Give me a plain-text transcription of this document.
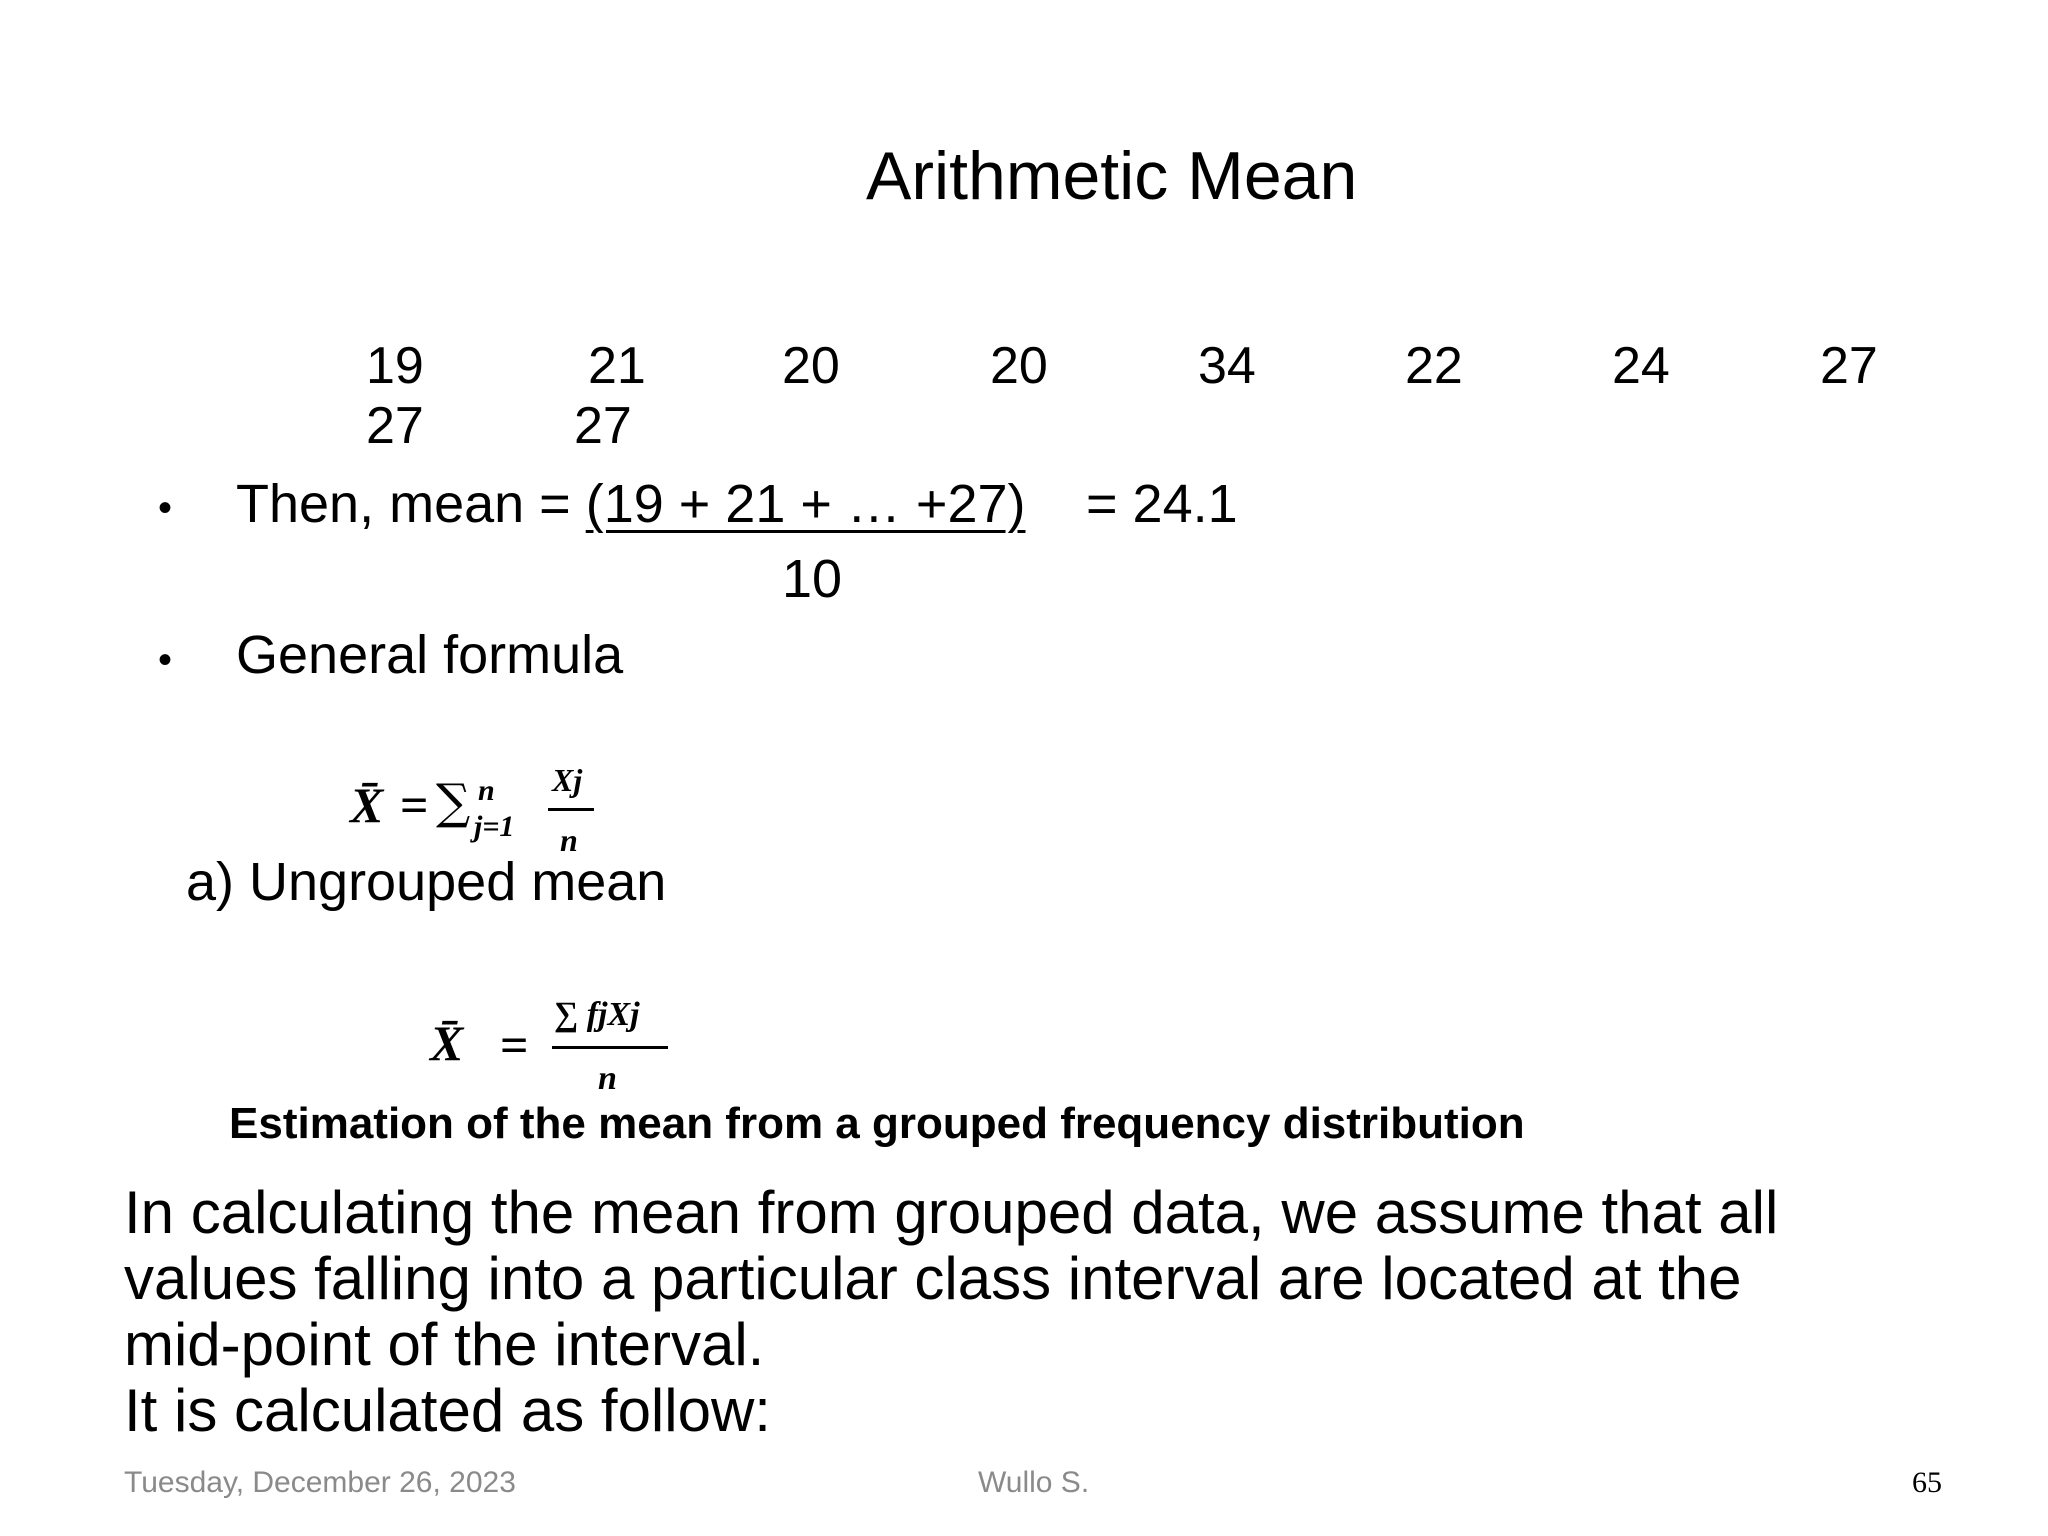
Arithmetic Mean
19	21	20	20	34	22	24	27
27	27
• Then, mean = (19 + 21 + … +27) = 24.1
10
• General formula
X̄ = ∑ n
j=1
Xj
n
a) Ungrouped mean
X̄ =
∑ fjXj
n
Estimation of the mean from a grouped frequency distribution
In calculating the mean from grouped data, we assume that all
values falling into a particular class interval are located at the
mid-point of the interval.
It is calculated as follow:
Tuesday, December 26, 2023	Wullo S.	65
